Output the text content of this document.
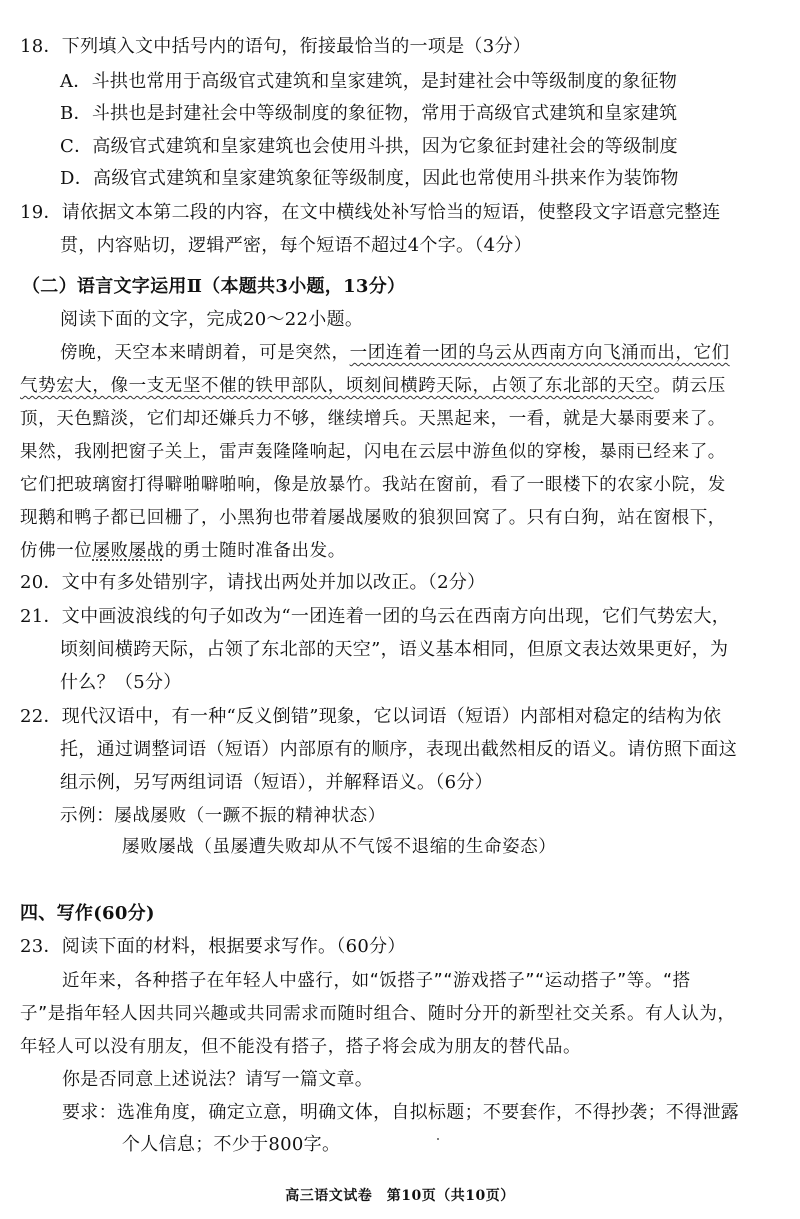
18．下列填入文中括号内的语句，衔接最恰当的一项是（3分）
A．斗拱也常用于高级官式建筑和皇家建筑，是封建社会中等级制度的象征物
B．斗拱也是封建社会中等级制度的象征物，常用于高级官式建筑和皇家建筑
C．高级官式建筑和皇家建筑也会使用斗拱，因为它象征封建社会的等级制度
D．高级官式建筑和皇家建筑象征等级制度，因此也常使用斗拱来作为装饰物
19．请依据文本第二段的内容，在文中横线处补写恰当的短语，使整段文字语意完整连
贯，内容贴切，逻辑严密，每个短语不超过4个字。（4分）
（二）语言文字运用Ⅱ（本题共3小题，13分）
阅读下面的文字，完成20～22小题。
傍晚，天空本来晴朗着，可是突然，一团连着一团的乌云从西南方向飞涌而出，它们
气势宏大，像一支无坚不催的铁甲部队，顷刻间横跨天际，占领了东北部的天空。荫云压
顶，天色黯淡，它们却还嫌兵力不够，继续增兵。天黑起来，一看，就是大暴雨要来了。
果然，我刚把窗子关上，雷声轰隆隆响起，闪电在云层中游鱼似的穿梭，暴雨已经来了。
它们把玻璃窗打得噼啪噼啪响，像是放暴竹。我站在窗前，看了一眼楼下的农家小院，发
现鹅和鸭子都已回栅了，小黑狗也带着屡战屡败的狼狈回窝了。只有白狗，站在窗根下，
仿佛一位屡败屡战的勇士随时准备出发。
20．文中有多处错别字，请找出两处并加以改正。（2分）
21．文中画波浪线的句子如改为“一团连着一团的乌云在西南方向出现，它们气势宏大，
顷刻间横跨天际，占领了东北部的天空”，语义基本相同，但原文表达效果更好，为
什么？（5分）
22．现代汉语中，有一种“反义倒错”现象，它以词语（短语）内部相对稳定的结构为依
托，通过调整词语（短语）内部原有的顺序，表现出截然相反的语义。请仿照下面这
组示例，另写两组词语（短语），并解释语义。（6分）
示例：屡战屡败（一蹶不振的精神状态）
屡败屡战（虽屡遭失败却从不气馁不退缩的生命姿态）
四、写作(60分)
23．阅读下面的材料，根据要求写作。（60分）
近年来，各种搭子在年轻人中盛行，如“饭搭子”“游戏搭子”“运动搭子”等。“搭
子”是指年轻人因共同兴趣或共同需求而随时组合、随时分开的新型社交关系。有人认为，
年轻人可以没有朋友，但不能没有搭子，搭子将会成为朋友的替代品。
你是否同意上述说法？请写一篇文章。
要求：选准角度，确定立意，明确文体，自拟标题；不要套作，不得抄袭；不得泄露
个人信息；不少于800字。
高三语文试卷　第10页（共10页）
